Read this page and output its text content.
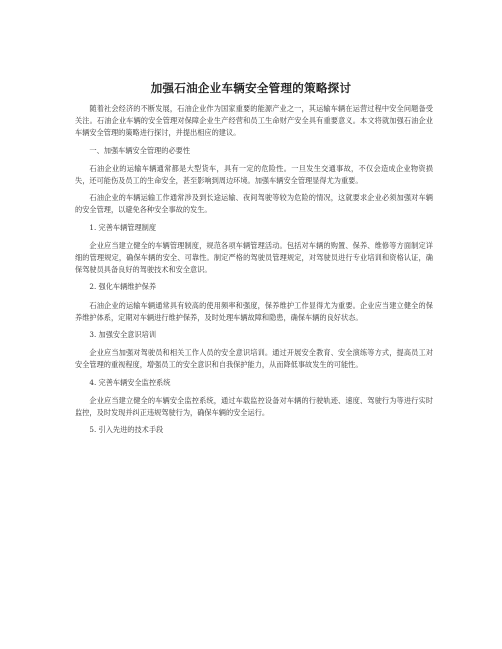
加强石油企业车辆安全管理的策略探讨

随着社会经济的不断发展，石油企业作为国家重要的能源产业之一，其运输车辆在运营过程中安全问题备受关注。石油企业车辆的安全管理对保障企业生产经营和员工生命财产安全具有重要意义。本文将就加强石油企业车辆安全管理的策略进行探讨，并提出相应的建议。

一、加强车辆安全管理的必要性

石油企业的运输车辆通常都是大型货车，具有一定的危险性。一旦发生交通事故，不仅会造成企业物资损失，还可能伤及员工的生命安全，甚至影响到周边环境。加强车辆安全管理显得尤为重要。

石油企业的车辆运输工作通常涉及到长途运输、夜间驾驶等较为危险的情况，这就要求企业必须加强对车辆的安全管理，以避免各种安全事故的发生。

1. 完善车辆管理制度

企业应当建立健全的车辆管理制度，规范各项车辆管理活动。包括对车辆的购置、保养、维修等方面制定详细的管理规定，确保车辆的安全、可靠性。制定严格的驾驶员管理规定，对驾驶员进行专业培训和资格认证，确保驾驶员具备良好的驾驶技术和安全意识。

2. 强化车辆维护保养

石油企业的运输车辆通常具有较高的使用频率和强度，保养维护工作显得尤为重要。企业应当建立健全的保养维护体系，定期对车辆进行维护保养，及时处理车辆故障和隐患，确保车辆的良好状态。

3. 加强安全意识培训

企业应当加强对驾驶员和相关工作人员的安全意识培训。通过开展安全教育、安全演练等方式，提高员工对安全管理的重视程度，增强员工的安全意识和自我保护能力，从而降低事故发生的可能性。

4. 完善车辆安全监控系统

企业应当建立健全的车辆安全监控系统，通过车载监控设备对车辆的行驶轨迹、速度、驾驶行为等进行实时监控，及时发现并纠正违规驾驶行为，确保车辆的安全运行。

5. 引入先进的技术手段
